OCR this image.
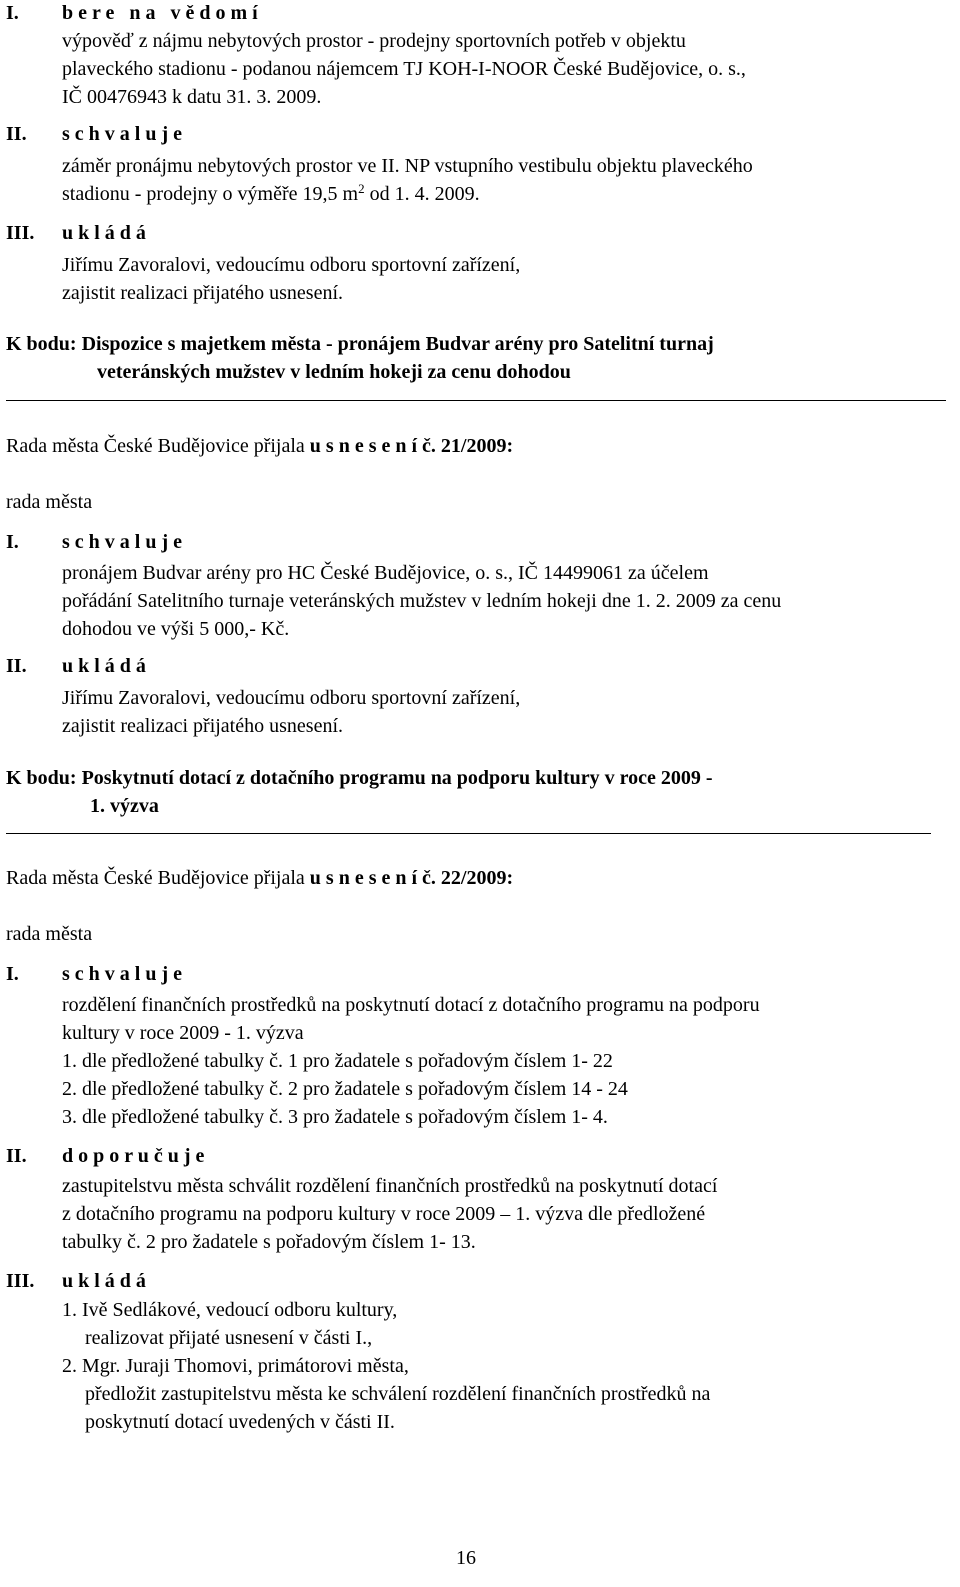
I. b e r e   n a   v ě d o m í
výpověď z nájmu nebytových prostor - prodejny sportovních potřeb v objektu
plaveckého stadionu - podanou nájemcem TJ KOH-I-NOOR České Budějovice, o. s.,
IČ 00476943 k datu 31. 3. 2009.
II. s c h v a l u j e
záměr pronájmu nebytových prostor ve II. NP vstupního vestibulu objektu plaveckého
stadionu - prodejny o výměře 19,5 $m^2$ od 1. 4. 2009.
III. u k l á d á
Jiřímu Zavoralovi, vedoucímu odboru sportovní zařízení,
zajistit realizaci přijatého usnesení.
K bodu: Dispozice s majetkem města - pronájem Budvar arény pro Satelitní turnaj
veteránských mužstev v ledním hokeji za cenu dohodou
Rada města České Budějovice přijala u s n e s e n í č. 21/2009:
rada města
I. s c h v a l u j e
pronájem Budvar arény pro HC České Budějovice, o. s., IČ 14499061 za účelem
pořádání Satelitního turnaje veteránských mužstev v ledním hokeji dne 1. 2. 2009 za cenu
dohodou ve výši 5 000,- Kč.
II. u k l á d á
Jiřímu Zavoralovi, vedoucímu odboru sportovní zařízení,
zajistit realizaci přijatého usnesení.
K bodu: Poskytnutí dotací z dotačního programu na podporu kultury v roce 2009 -
1. výzva
Rada města České Budějovice přijala u s n e s e n í č. 22/2009:
rada města
I. s c h v a l u j e
rozdělení finančních prostředků na poskytnutí dotací z dotačního programu na podporu
kultury v roce 2009 - 1. výzva
1. dle předložené tabulky č. 1 pro žadatele s pořadovým číslem 1- 22
2. dle předložené tabulky č. 2 pro žadatele s pořadovým číslem 14 - 24
3. dle předložené tabulky č. 3 pro žadatele s pořadovým číslem 1- 4.
II. d o p o r u č u j e
zastupitelstvu města schválit rozdělení finančních prostředků na poskytnutí dotací
z dotačního programu na podporu kultury v roce 2009 – 1. výzva dle předložené
tabulky č. 2 pro žadatele s pořadovým číslem 1- 13.
III. u k l á d á
1. Ivě Sedlákové, vedoucí odboru kultury,
realizovat přijaté usnesení v části I.,
2. Mgr. Juraji Thomovi, primátorovi města,
předložit zastupitelstvu města ke schválení rozdělení finančních prostředků na
poskytnutí dotací uvedených v části II.
16
